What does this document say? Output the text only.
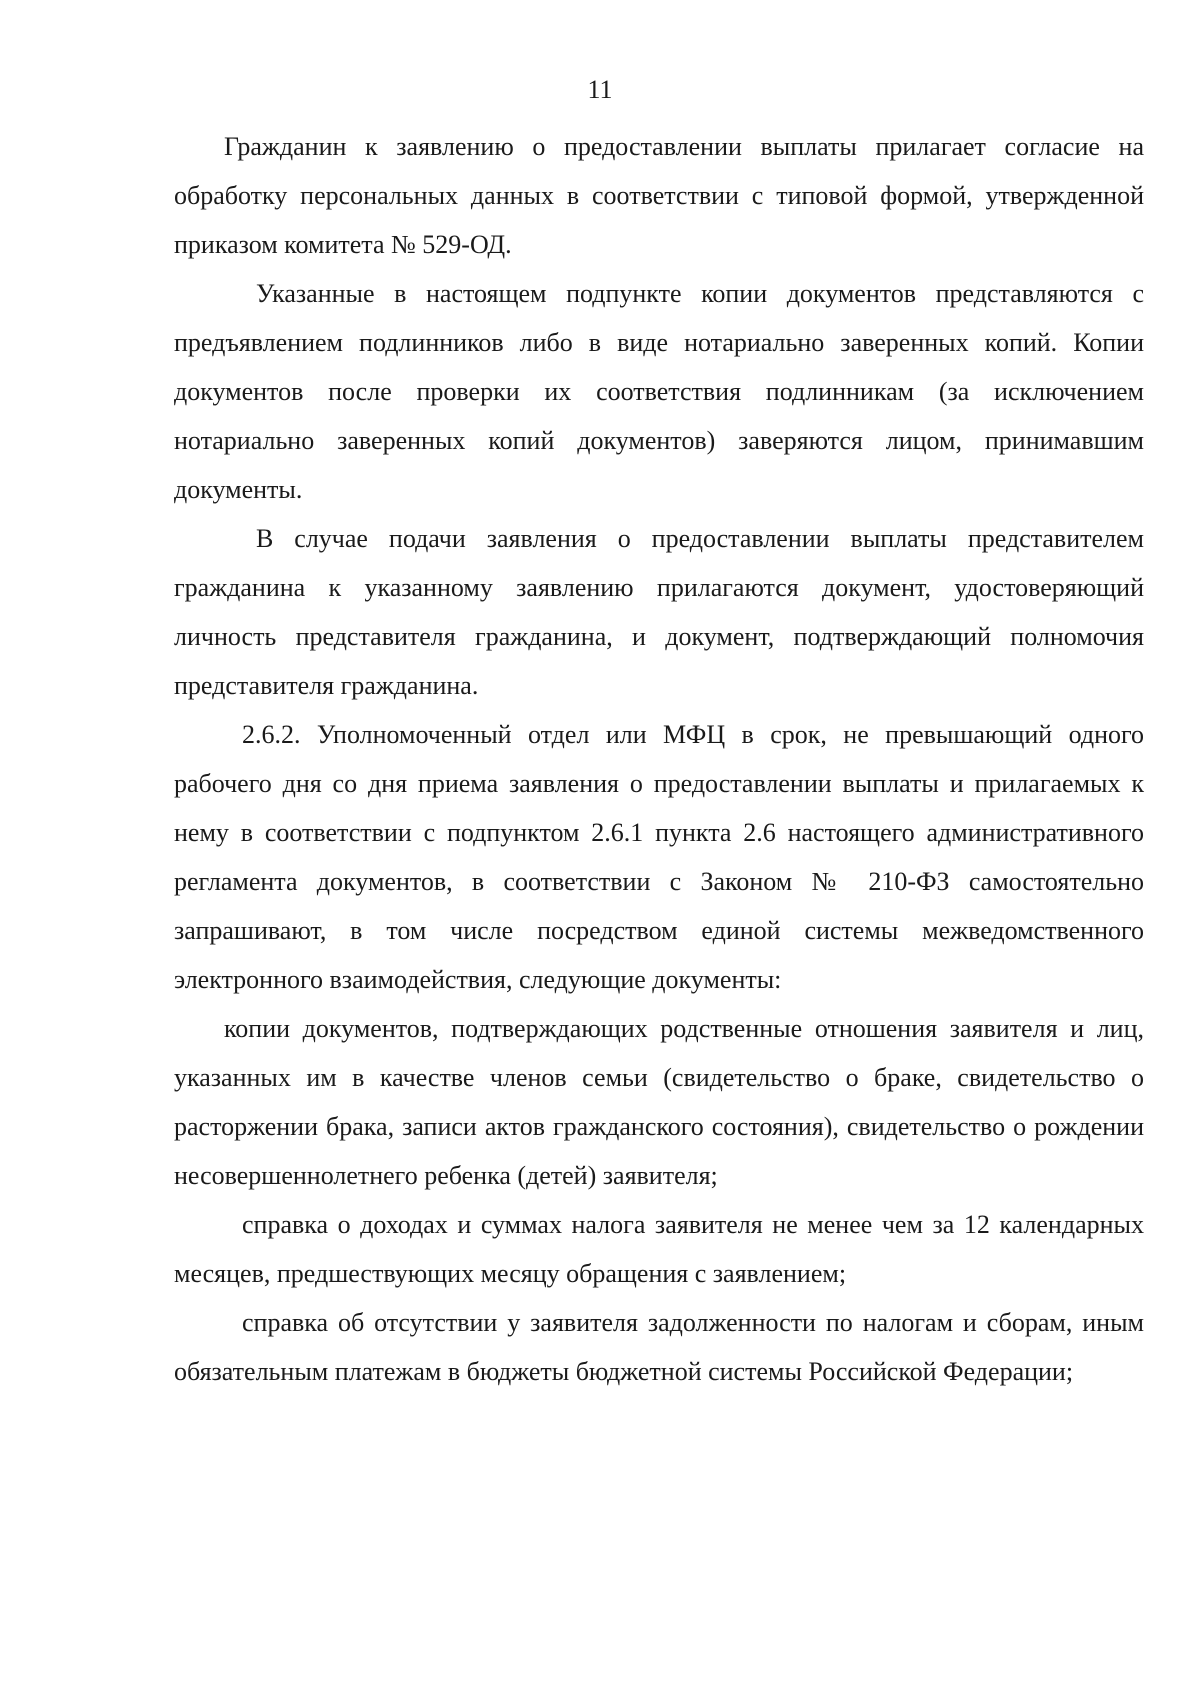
11

Гражданин к заявлению о предоставлении выплаты прилагает согласие на обработку персональных данных в соответствии с типовой формой, утвержденной приказом комитета № 529-ОД.

Указанные в настоящем подпункте копии документов представляются с предъявлением подлинников либо в виде нотариально заверенных копий. Копии документов после проверки их соответствия подлинникам (за исключением нотариально заверенных копий документов) заверяются лицом, принимавшим документы.

В случае подачи заявления о предоставлении выплаты представителем гражданина к указанному заявлению прилагаются документ, удостоверяющий личность представителя гражданина, и документ, подтверждающий полномочия представителя гражданина.

2.6.2. Уполномоченный отдел или МФЦ в срок, не превышающий одного рабочего дня со дня приема заявления о предоставлении выплаты и прилагаемых к нему в соответствии с подпунктом 2.6.1 пункта 2.6 настоящего административного регламента документов, в соответствии с Законом № 210-ФЗ самостоятельно запрашивают, в том числе посредством единой системы межведомственного электронного взаимодействия, следующие документы:

копии документов, подтверждающих родственные отношения заявителя и лиц, указанных им в качестве членов семьи (свидетельство о браке, свидетельство о расторжении брака, записи актов гражданского состояния), свидетельство о рождении несовершеннолетнего ребенка (детей) заявителя;

справка о доходах и суммах налога заявителя не менее чем за 12 календарных месяцев, предшествующих месяцу обращения с заявлением;

справка об отсутствии у заявителя задолженности по налогам и сборам, иным обязательным платежам в бюджеты бюджетной системы Российской Федерации;
